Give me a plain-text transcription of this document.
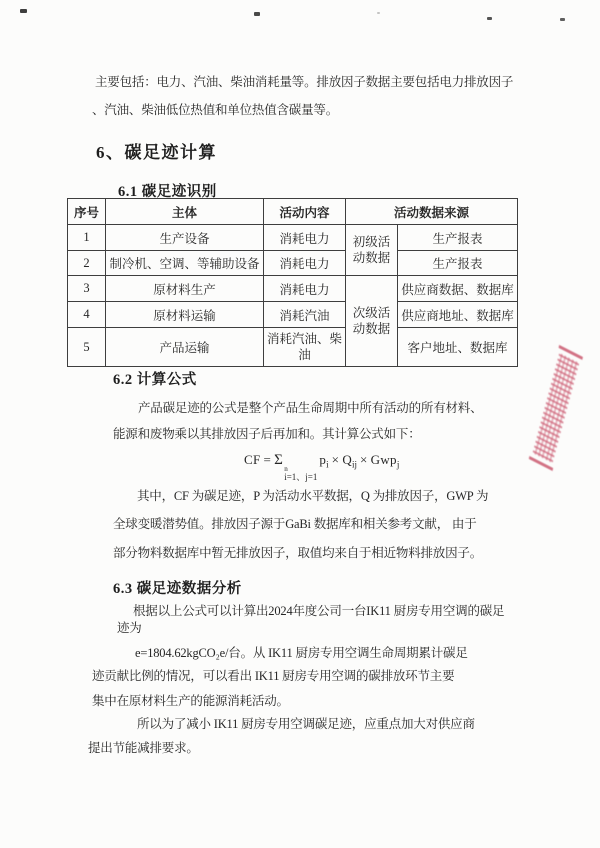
主要包括：电力、汽油、柴油消耗量等。排放因子数据主要包括电力排放因子
、汽油、柴油低位热值和单位热值含碳量等。
6、碳足迹计算
6.1 碳足迹识别
序号	主体	活动内容	活动数据来源	
1	生产设备	消耗电力	初级活动数据	生产报表
2	制冷机、空调、等辅助设备	消耗电力		生产报表
3	原材料生产	消耗电力	次级活动数据	供应商数据、数据库
4	原材料运输	消耗汽油		供应商地址、数据库
5	产品运输	消耗汽油、柴油		客户地址、数据库
6.2 计算公式
产品碳足迹的公式是整个产品生命周期中所有活动的所有材料、
能源和废物乘以其排放因子后再加和。其计算公式如下：
CF = Σ
n
i=1、j=1
$p_i \times Q_{ij} \times Gwp_j$
其中，CF 为碳足迹，P 为活动水平数据，Q 为排放因子，GWP 为
全球变暖潜势值。排放因子源于GaBi 数据库和相关参考文献， 由于
部分物料数据库中暂无排放因子，取值均来自于相近物料排放因子。
6.3 碳足迹数据分析
根据以上公式可以计算出2024年度公司一台IK11 厨房专用空调的碳足
迹为
e=1804.62kgCO₂e/台。从 IK11 厨房专用空调生命周期累计碳足
迹贡献比例的情况，可以看出 IK11 厨房专用空调的碳排放环节主要
集中在原材料生产的能源消耗活动。
所以为了减小 IK11 厨房专用空调碳足迹，应重点加大对供应商
提出节能减排要求。
